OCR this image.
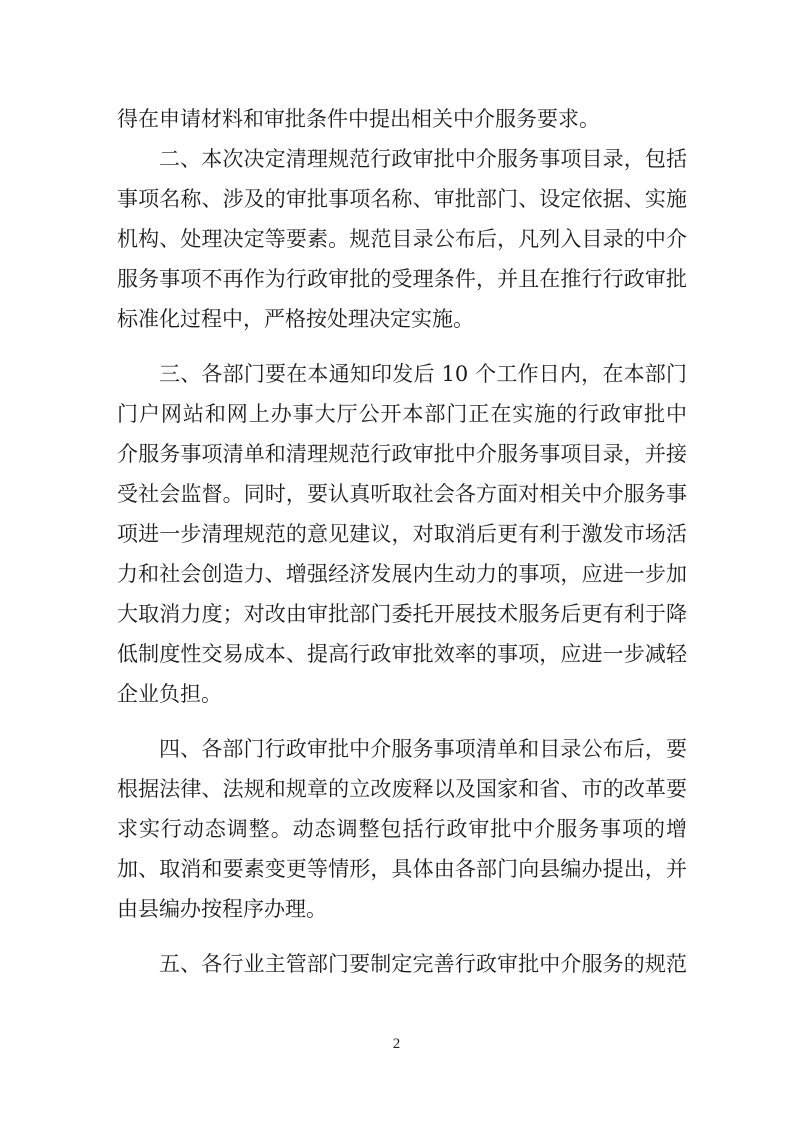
得在申请材料和审批条件中提出相关中介服务要求。
二、本次决定清理规范行政审批中介服务事项目录，包括
事项名称、涉及的审批事项名称、审批部门、设定依据、实施
机构、处理决定等要素。规范目录公布后，凡列入目录的中介
服务事项不再作为行政审批的受理条件，并且在推行行政审批
标准化过程中，严格按处理决定实施。
三、各部门要在本通知印发后 10 个工作日内，在本部门
门户网站和网上办事大厅公开本部门正在实施的行政审批中
介服务事项清单和清理规范行政审批中介服务事项目录，并接
受社会监督。同时，要认真听取社会各方面对相关中介服务事
项进一步清理规范的意见建议，对取消后更有利于激发市场活
力和社会创造力、增强经济发展内生动力的事项，应进一步加
大取消力度；对改由审批部门委托开展技术服务后更有利于降
低制度性交易成本、提高行政审批效率的事项，应进一步减轻
企业负担。
四、各部门行政审批中介服务事项清单和目录公布后，要
根据法律、法规和规章的立改废释以及国家和省、市的改革要
求实行动态调整。动态调整包括行政审批中介服务事项的增
加、取消和要素变更等情形，具体由各部门向县编办提出，并
由县编办按程序办理。
五、各行业主管部门要制定完善行政审批中介服务的规范
2
